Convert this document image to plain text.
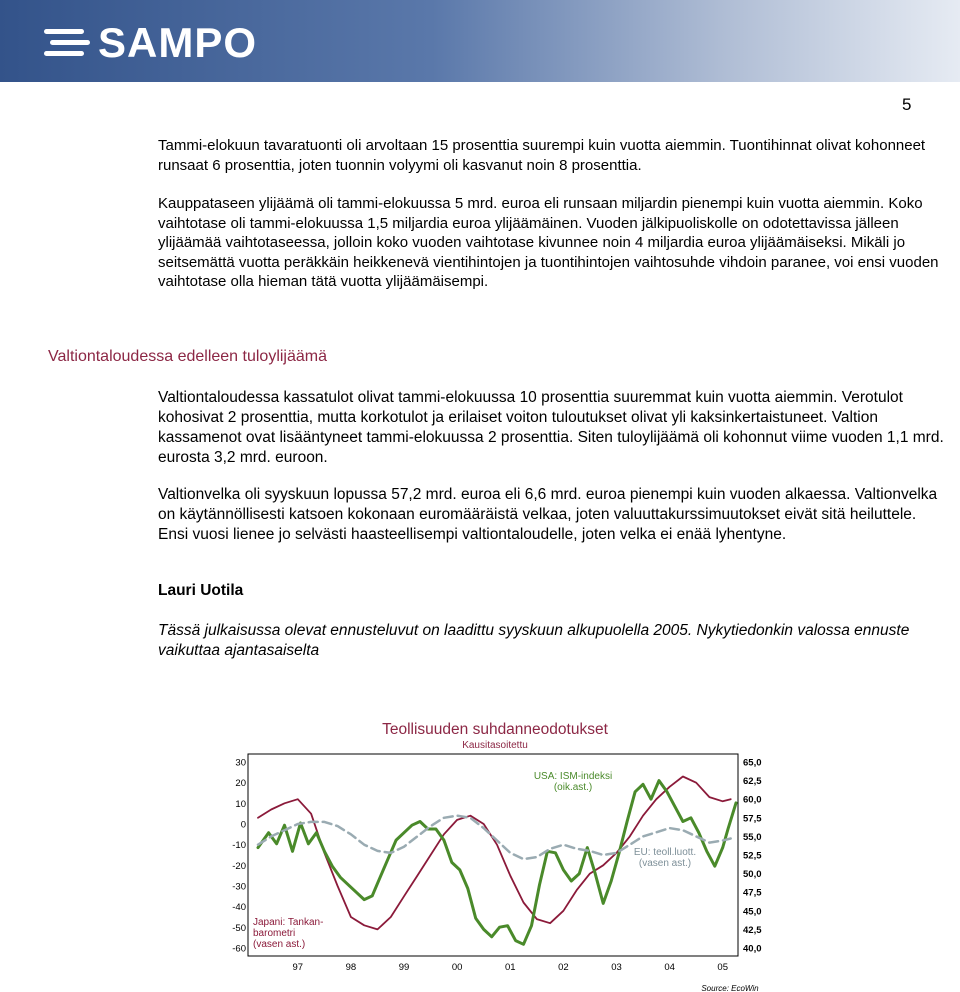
SAMPO
5

Tammi-elokuun tavaratuonti oli arvoltaan 15 prosenttia suurempi kuin vuotta aiemmin. Tuontihinnat olivat kohonneet runsaat 6 prosenttia, joten tuonnin volyymi oli kasvanut noin 8 prosenttia.

Kauppataseen ylijäämä oli tammi-elokuussa 5 mrd. euroa eli runsaan miljardin pienempi kuin vuotta aiemmin. Koko vaihtotase oli tammi-elokuussa 1,5 miljardia euroa ylijäämäinen. Vuoden jälkipuoliskolle on odotettavissa jälleen ylijäämää vaihtotaseessa, jolloin koko vuoden vaihtotase kivunnee noin 4 miljardia euroa ylijäämäiseksi. Mikäli jo seitsemättä vuotta peräkkäin heikkenevä vientihintojen ja tuontihintojen vaihtosuhde vihdoin paranee, voi ensi vuoden vaihtotase olla hieman tätä vuotta ylijäämäisempi.

Valtiontaloudessa edelleen tuloylijäämä

Valtiontaloudessa kassatulot olivat tammi-elokuussa 10 prosenttia suuremmat kuin vuotta aiemmin. Verotulot kohosivat 2 prosenttia, mutta korkotulot ja erilaiset voiton tuloutukset olivat yli kaksinkertaistuneet. Valtion kassamenot ovat lisääntyneet tammi-elokuussa 2 prosenttia. Siten tuloylijäämä oli kohonnut viime vuoden 1,1 mrd. eurosta 3,2 mrd. euroon.

Valtionvelka oli syyskuun lopussa 57,2 mrd. euroa eli 6,6 mrd. euroa pienempi kuin vuoden alkaessa. Valtionvelka on käytännöllisesti katsoen kokonaan euromääräistä velkaa, joten valuuttakurssimuutokset eivät sitä heiluttele. Ensi vuosi lienee jo selvästi haasteellisempi valtiontaloudelle, joten velka ei enää lyhentyne.

Lauri Uotila

Tässä julkaisussa olevat ennusteluvut on laadittu syyskuun alkupuolella 2005. Nykytiedonkin valossa ennuste vaikuttaa ajantasaiselta

Teollisuuden suhdanneodotukset
Kausitasoitettu
30
20
10
0
-10
-20
-30
-40
-50
-60
65,0
62,5
60,0
57,5
55,0
52,5
50,0
47,5
45,0
42,5
40,0
97	98	99	00	01	02	03	04	05
Japani: Tankan-
barometri
(vasen ast.)
USA: ISM-indeksi
(oik.ast.)
EU: teoll.luott.
(vasen ast.)
Source: EcoWin
